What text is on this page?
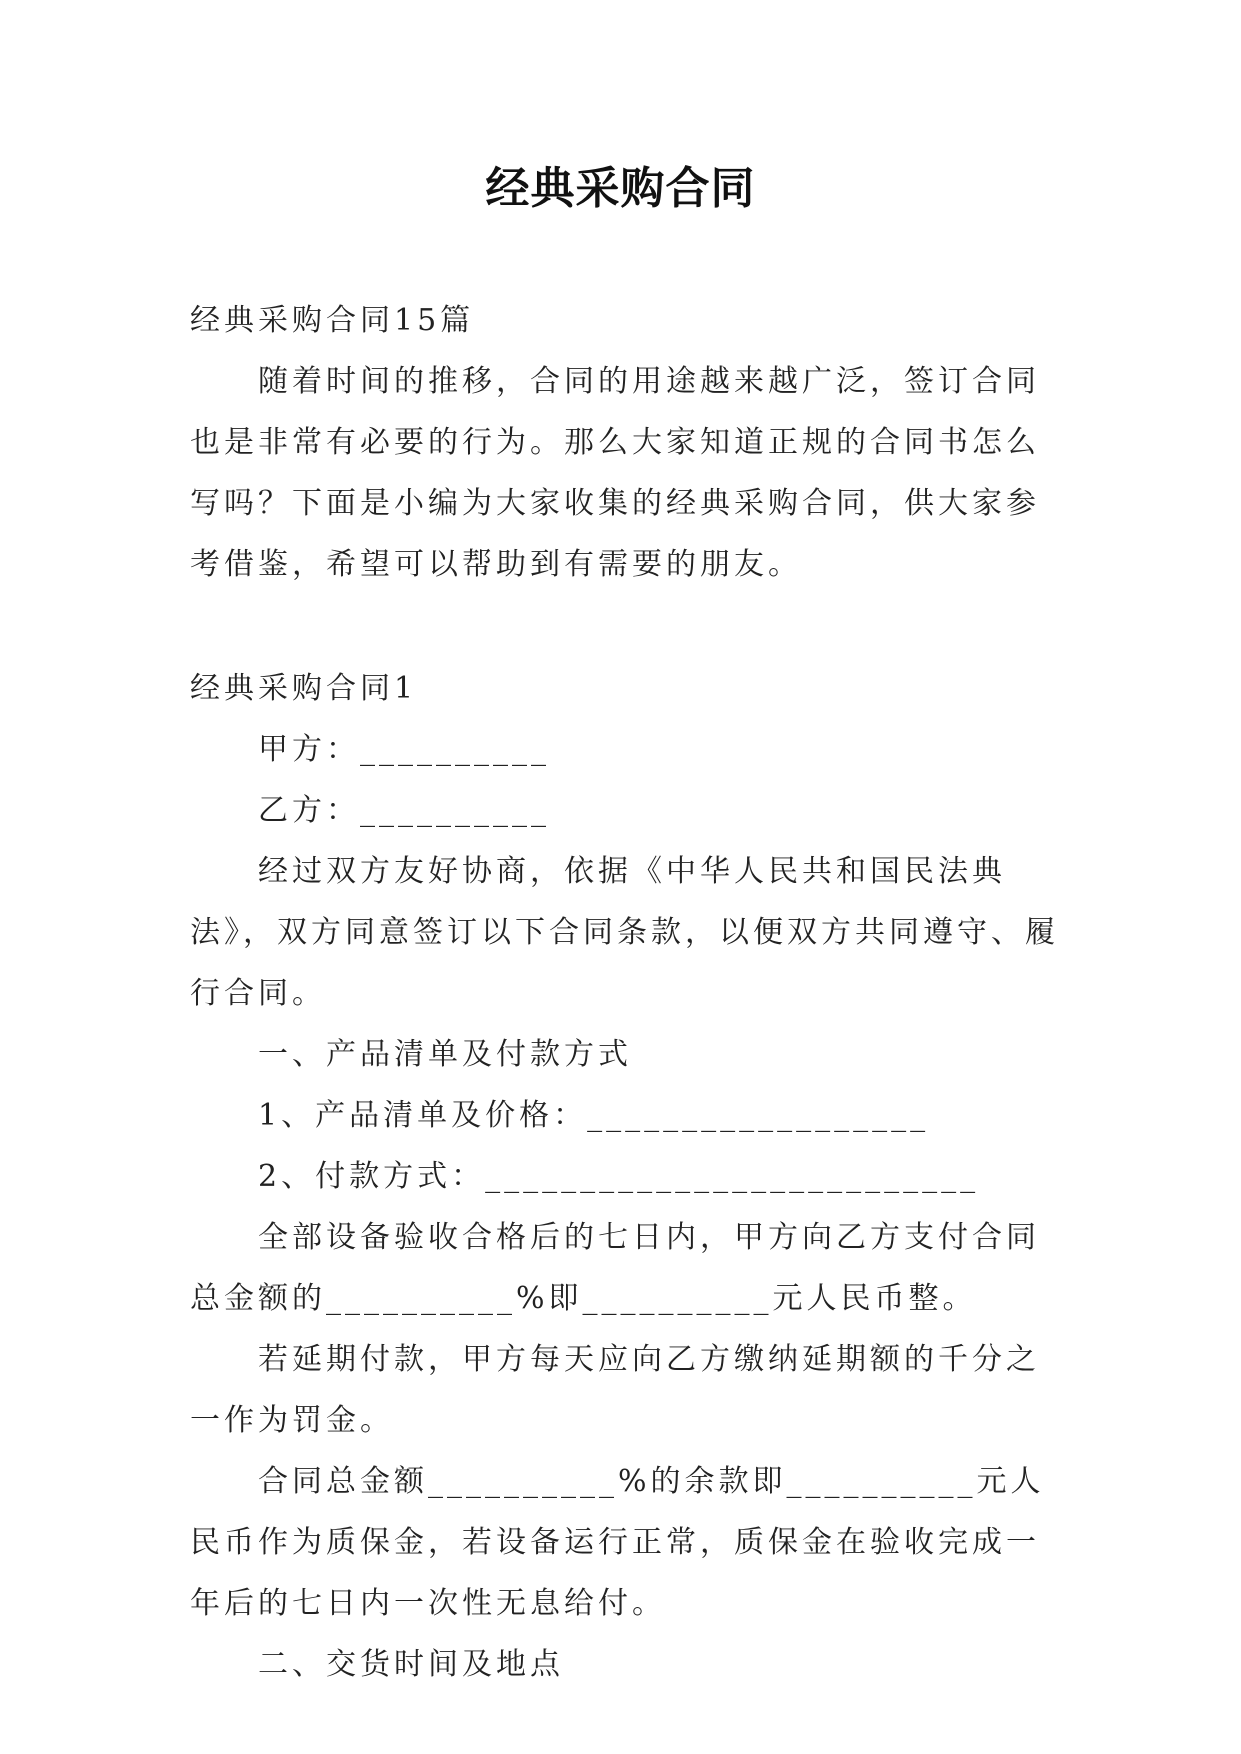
经典采购合同

经典采购合同15篇

随着时间的推移，合同的用途越来越广泛，签订合同也是非常有必要的行为。那么大家知道正规的合同书怎么写吗？下面是小编为大家收集的经典采购合同，供大家参考借鉴，希望可以帮助到有需要的朋友。

经典采购合同1

甲方：__________

乙方：__________

经过双方友好协商，依据《中华人民共和国民法典法》，双方同意签订以下合同条款，以便双方共同遵守、履行合同。

一、产品清单及付款方式

1、产品清单及价格：__________________

2、付款方式：__________________________

全部设备验收合格后的七日内，甲方向乙方支付合同总金额的__________%即__________元人民币整。

若延期付款，甲方每天应向乙方缴纳延期额的千分之一作为罚金。

合同总金额__________%的余款即__________元人民币作为质保金，若设备运行正常，质保金在验收完成一年后的七日内一次性无息给付。

二、交货时间及地点
